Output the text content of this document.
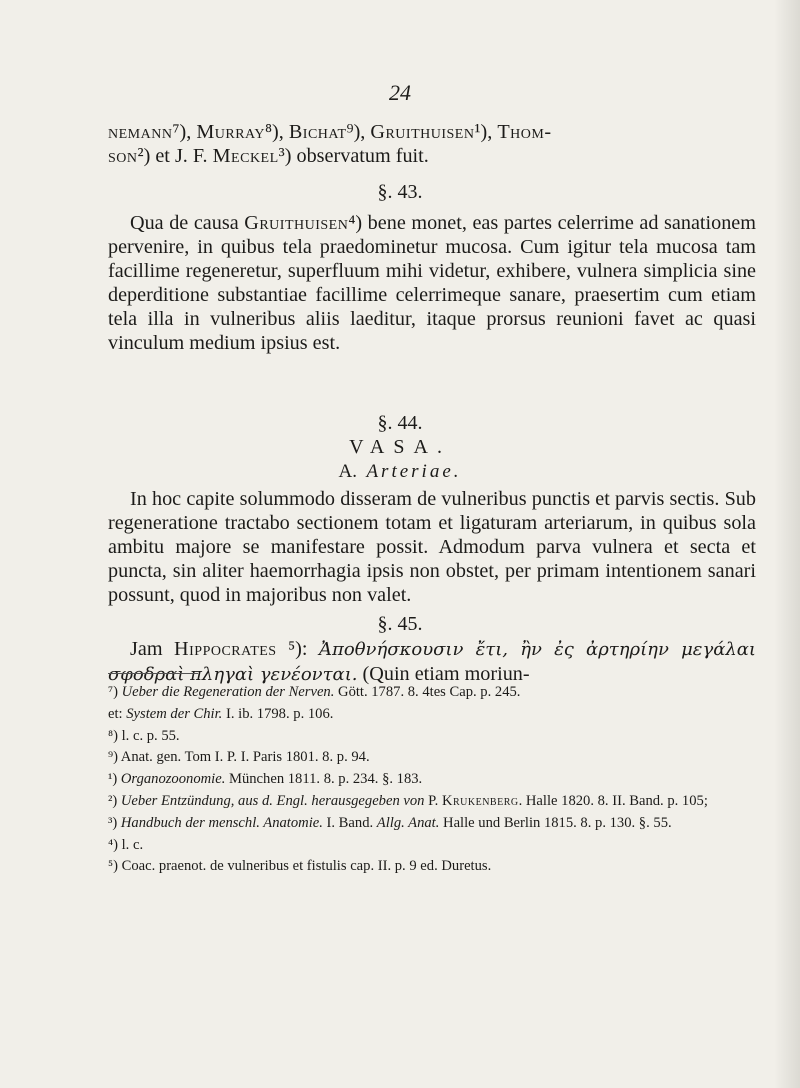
24

nemann⁷), Murray⁸), Bichat⁹), Gruithuisen¹), Thom-
son²) et J. F. Meckel³) observatum fuit.

§. 43.

Qua de causa Gruithuisen⁴) bene monet, eas partes celerrime ad sanationem pervenire, in quibus tela praedominetur mucosa. Cum igitur tela mucosa tam facillime regeneretur, superfluum mihi videtur, exhibere, vulnera simplicia sine deperditione substantiae facillime celerrimeque sanare, praesertim cum etiam tela illa in vulneribus aliis laeditur, itaque prorsus reunioni favet ac quasi vinculum medium ipsius est.

§. 44.
VASA.
A. Arteriae.

In hoc capite solummodo disseram de vulneribus punctis et parvis sectis. Sub regeneratione tractabo sectionem totam et ligaturam arteriarum, in quibus sola ambitu majore se manifestare possit. Admodum parva vulnera et secta et puncta, sin aliter haemorrhagia ipsis non obstet, per primam intentionem sanari possunt, quod in majoribus non valet.

§. 45.

Jam Hippocrates ⁵): Ἀποθνήσκουσιν ἔτι, ἢν ἐς ἀρτηρίην μεγάλαι σφοδραὶ πληγαὶ γενέονται. (Quin etiam moriun-

⁷) Ueber die Regeneration der Nerven. Gött. 1787. 8. 4tes Cap. p. 245.

et: System der Chir. I. ib. 1798. p. 106.

⁸) l. c. p. 55.

⁹) Anat. gen. Tom I. P. I. Paris 1801. 8. p. 94.

¹) Organozoonomie. München 1811. 8. p. 234. §. 183.

²) Ueber Entzündung, aus d. Engl. herausgegeben von P. Krukenberg. Halle 1820. 8. II. Band. p. 105;

³) Handbuch der menschl. Anatomie. I. Band. Allg. Anat. Halle und Berlin 1815. 8. p. 130. §. 55.

⁴) l. c.

⁵) Coac. praenot. de vulneribus et fistulis cap. II. p. 9 ed. Duretus.
